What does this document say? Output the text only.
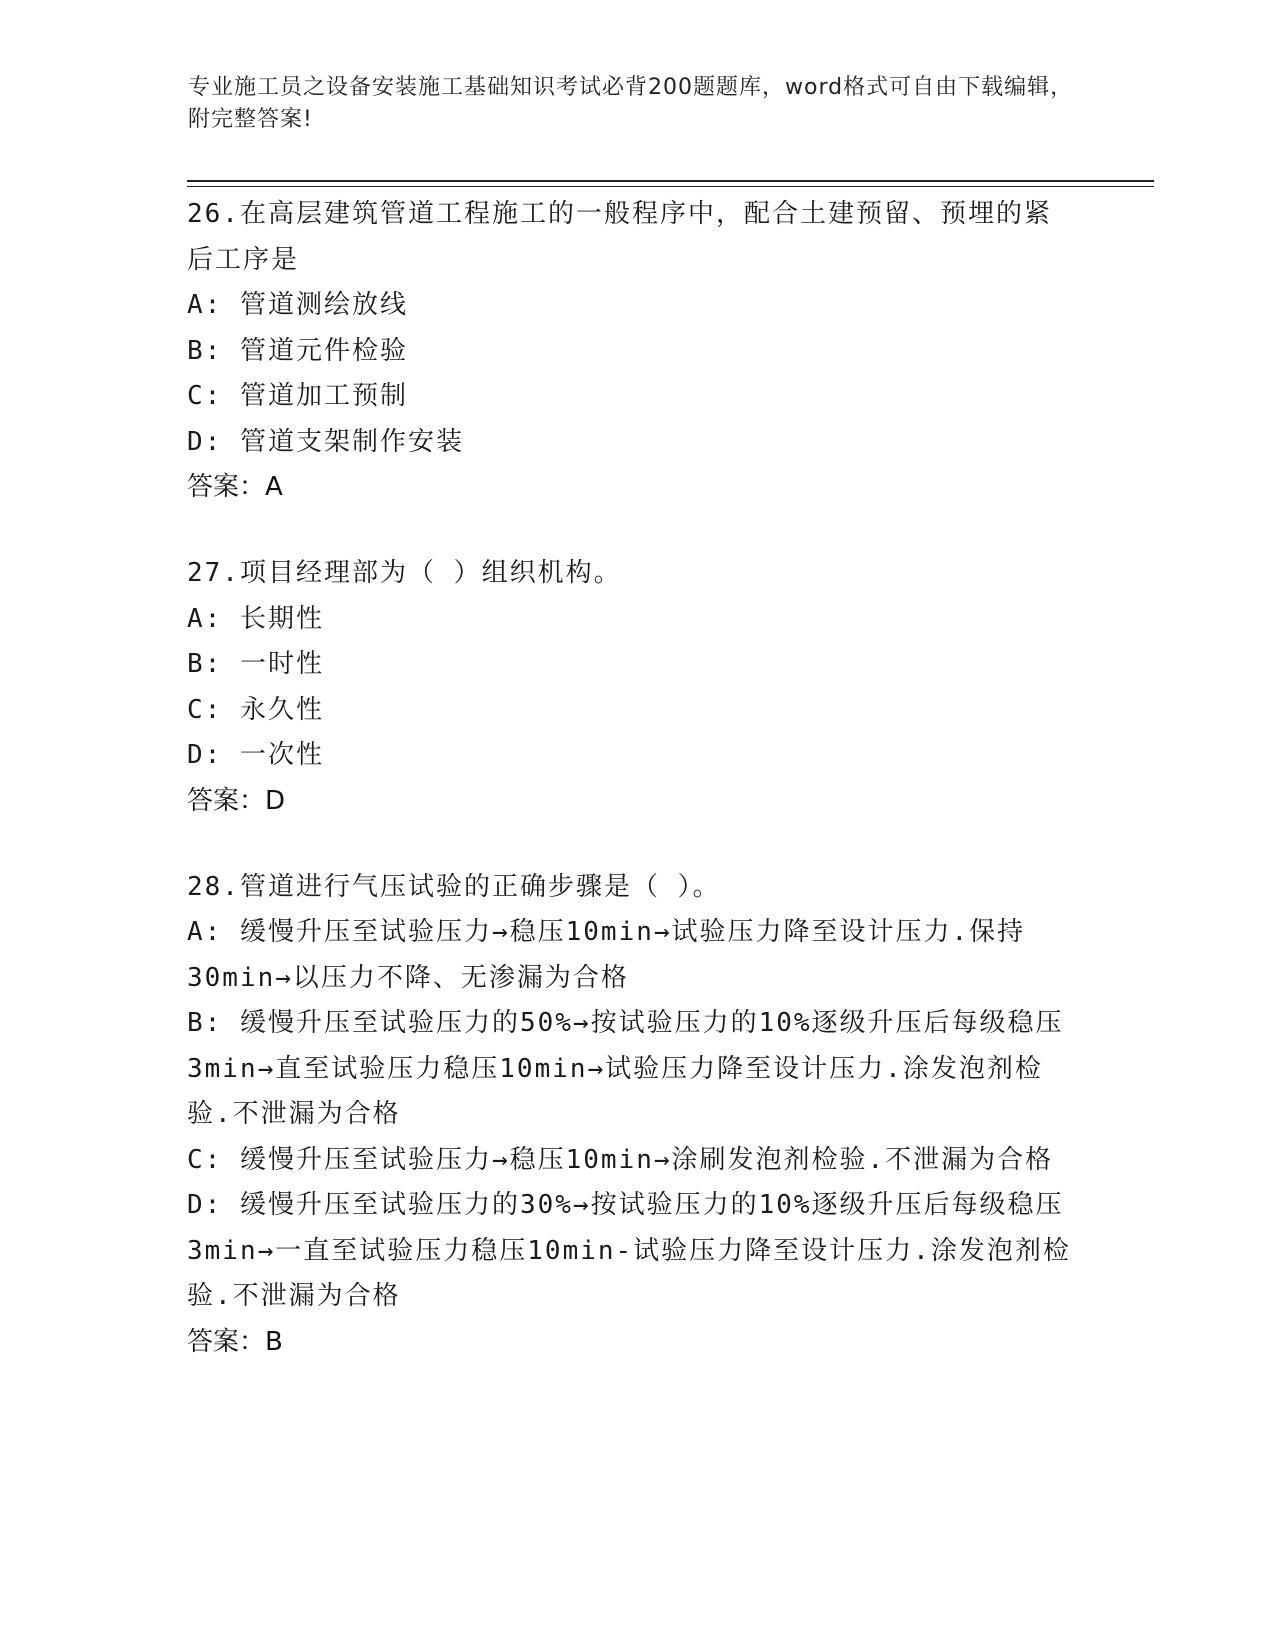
专业施工员之设备安装施工基础知识考试必背200题题库，word格式可自由下载编辑，附完整答案!
26.在高层建筑管道工程施工的一般程序中，配合土建预留、预埋的紧后工序是
A: 管道测绘放线
B: 管道元件检验
C: 管道加工预制
D: 管道支架制作安装
答案：A
27.项目经理部为（ ）组织机构。
A: 长期性
B: 一时性
C: 永久性
D: 一次性
答案：D
28.管道进行气压试验的正确步骤是（ ）。
A: 缓慢升压至试验压力→稳压10min→试验压力降至设计压力.保持30min→以压力不降、无渗漏为合格
B: 缓慢升压至试验压力的50%→按试验压力的10%逐级升压后每级稳压3min→直至试验压力稳压10min→试验压力降至设计压力.涂发泡剂检验.不泄漏为合格
C: 缓慢升压至试验压力→稳压10min→涂刷发泡剂检验.不泄漏为合格
D: 缓慢升压至试验压力的30%→按试验压力的10%逐级升压后每级稳压3min→一直至试验压力稳压10min-试验压力降至设计压力.涂发泡剂检验.不泄漏为合格
答案：B
